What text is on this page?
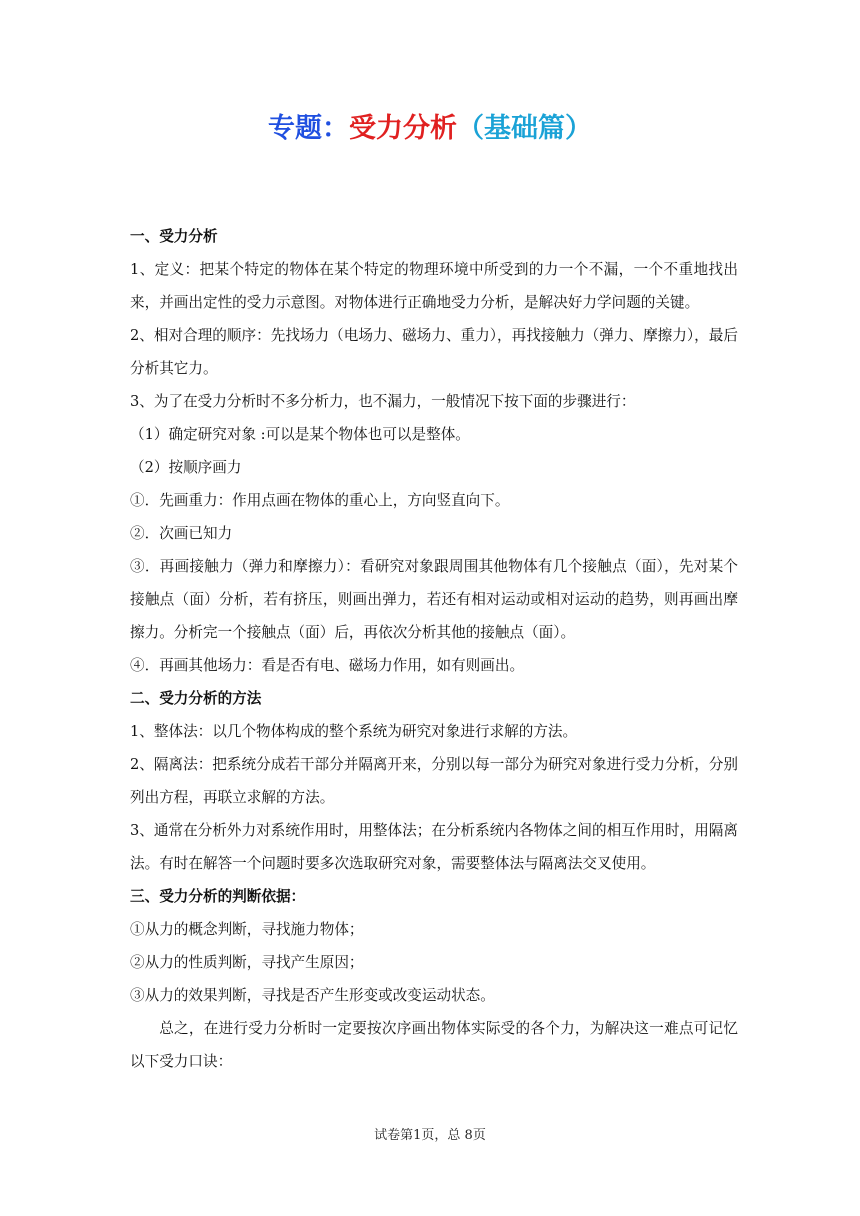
专题：受力分析（基础篇）

一、受力分析

1、定义：把某个特定的物体在某个特定的物理环境中所受到的力一个不漏，一个不重地找出来，并画出定性的受力示意图。对物体进行正确地受力分析，是解决好力学问题的关键。

2、相对合理的顺序：先找场力（电场力、磁场力、重力），再找接触力（弹力、摩擦力），最后分析其它力。

3、为了在受力分析时不多分析力，也不漏力，一般情况下按下面的步骤进行：

（1）确定研究对象 :可以是某个物体也可以是整体。

（2）按顺序画力

①．先画重力：作用点画在物体的重心上，方向竖直向下。

②．次画已知力

③．再画接触力（弹力和摩擦力）：看研究对象跟周围其他物体有几个接触点（面），先对某个接触点（面）分析，若有挤压，则画出弹力，若还有相对运动或相对运动的趋势，则再画出摩擦力。分析完一个接触点（面）后，再依次分析其他的接触点（面）。

④．再画其他场力：看是否有电、磁场力作用，如有则画出。

二、受力分析的方法

1、整体法：以几个物体构成的整个系统为研究对象进行求解的方法。

2、隔离法：把系统分成若干部分并隔离开来，分别以每一部分为研究对象进行受力分析，分别列出方程，再联立求解的方法。

3、通常在分析外力对系统作用时，用整体法；在分析系统内各物体之间的相互作用时，用隔离法。有时在解答一个问题时要多次选取研究对象，需要整体法与隔离法交叉使用。

三、受力分析的判断依据：

①从力的概念判断，寻找施力物体；

②从力的性质判断，寻找产生原因；

③从力的效果判断，寻找是否产生形变或改变运动状态。

总之，在进行受力分析时一定要按次序画出物体实际受的各个力，为解决这一难点可记忆以下受力口诀：

试卷第1页，总 8页
